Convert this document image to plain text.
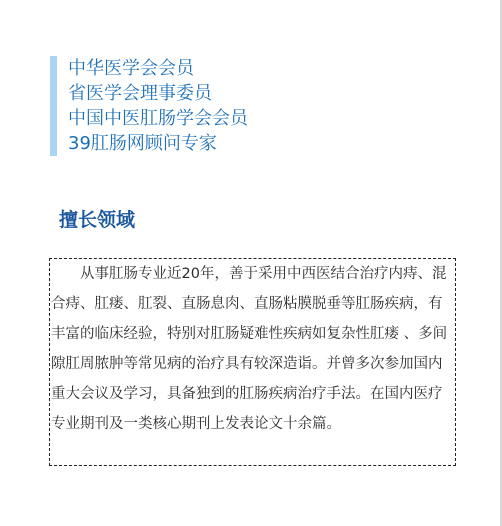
中华医学会会员
省医学会理事委员
中国中医肛肠学会会员
39肛肠网顾问专家
擅长领域

从事肛肠专业近20年，善于采用中西医结合治疗内痔、混合痔、肛瘘、肛裂、直肠息肉、直肠粘膜脱垂等肛肠疾病，有丰富的临床经验，特别对肛肠疑难性疾病如复杂性肛瘘 、多间隙肛周脓肿等常见病的治疗具有较深造诣。并曾多次参加国内重大会议及学习，具备独到的肛肠疾病治疗手法。在国内医疗专业期刊及一类核心期刊上发表论文十余篇。
